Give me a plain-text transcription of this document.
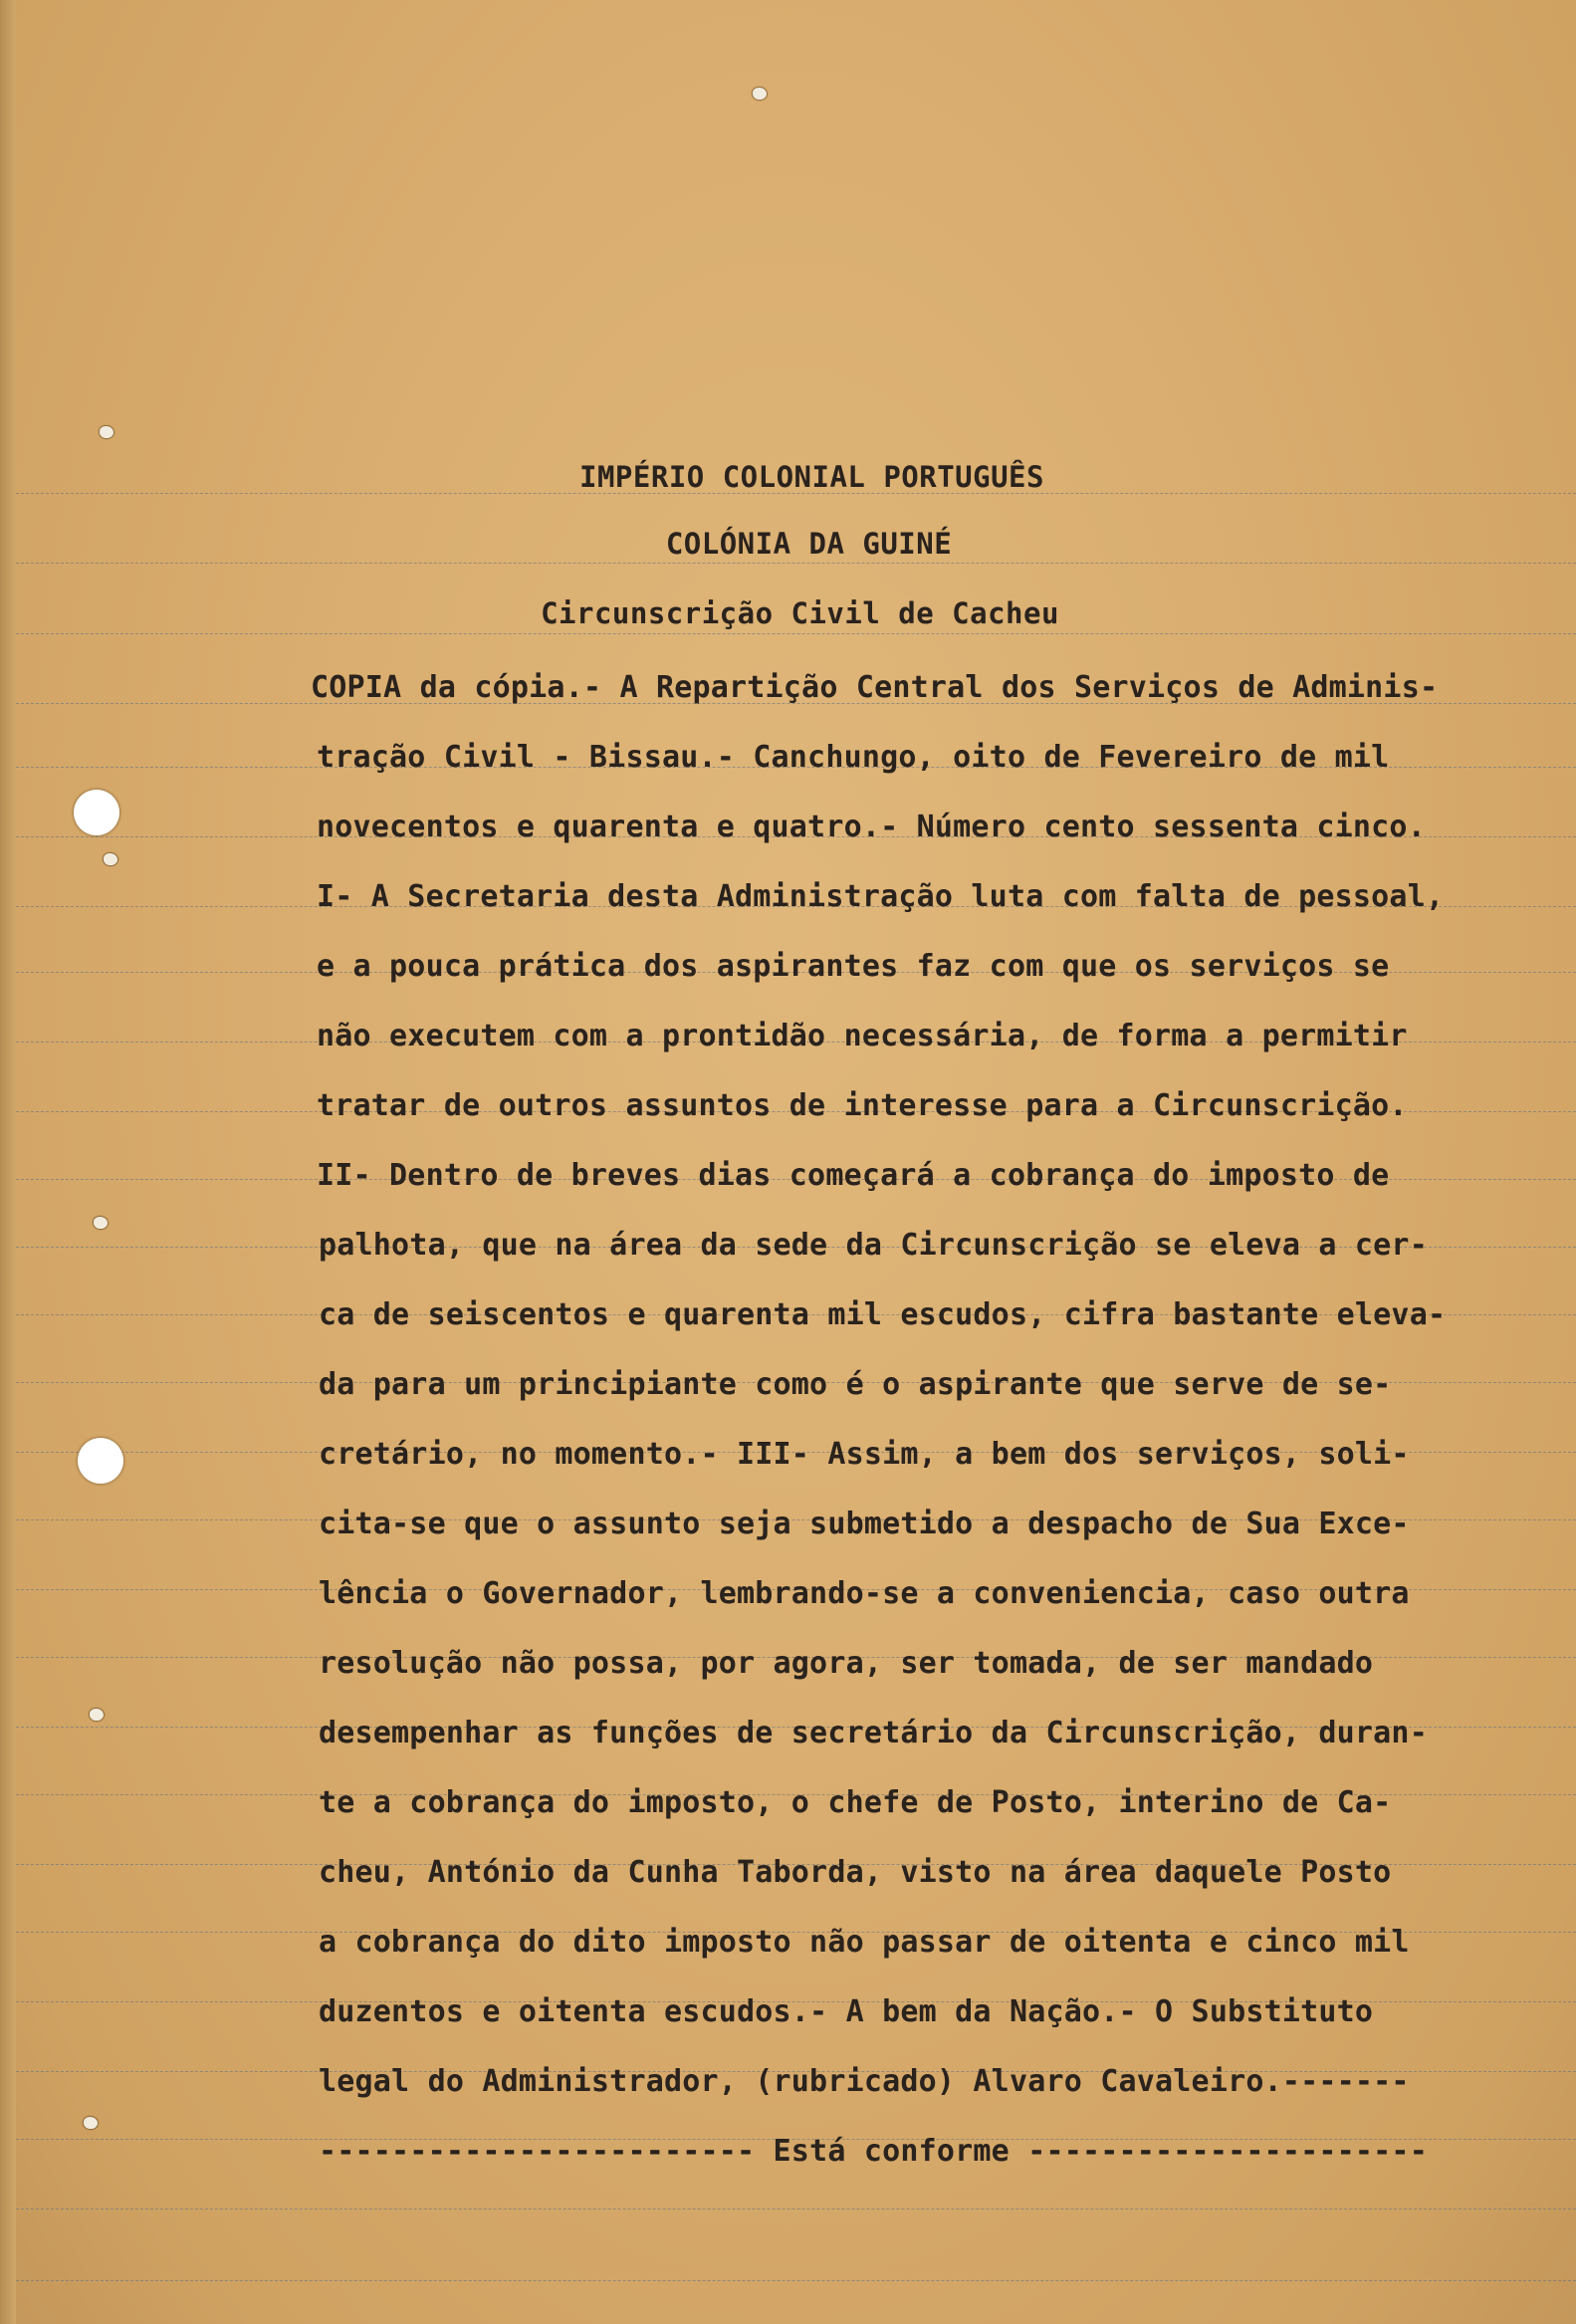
IMPÉRIO COLONIAL PORTUGUÊS
COLÓNIA DA GUINÉ
Circunscrição Civil de Cacheu
COPIA da cópia.- A Repartição Central dos Serviços de Adminis-
tração Civil - Bissau.- Canchungo, oito de Fevereiro de mil
novecentos e quarenta e quatro.- Número cento sessenta cinco.
I- A Secretaria desta Administração luta com falta de pessoal,
e a pouca prática dos aspirantes faz com que os serviços se
não executem com a prontidão necessária, de forma a permitir
tratar de outros assuntos de interesse para a Circunscrição.
II- Dentro de breves dias começará a cobrança do imposto de
palhota, que na área da sede da Circunscrição se eleva a cer-
ca de seiscentos e quarenta mil escudos, cifra bastante eleva-
da para um principiante como é o aspirante que serve de se-
cretário, no momento.- III- Assim, a bem dos serviços, soli-
cita-se que o assunto seja submetido a despacho de Sua Exce-
lência o Governador, lembrando-se a conveniencia, caso outra
resolução não possa, por agora, ser tomada, de ser mandado
desempenhar as funções de secretário da Circunscrição, duran-
te a cobrança do imposto, o chefe de Posto, interino de Ca-
cheu, António da Cunha Taborda, visto na área daquele Posto
a cobrança do dito imposto não passar de oitenta e cinco mil
duzentos e oitenta escudos.- A bem da Nação.- O Substituto
legal do Administrador, (rubricado) Alvaro Cavaleiro.-------
------------------------ Está conforme ----------------------
